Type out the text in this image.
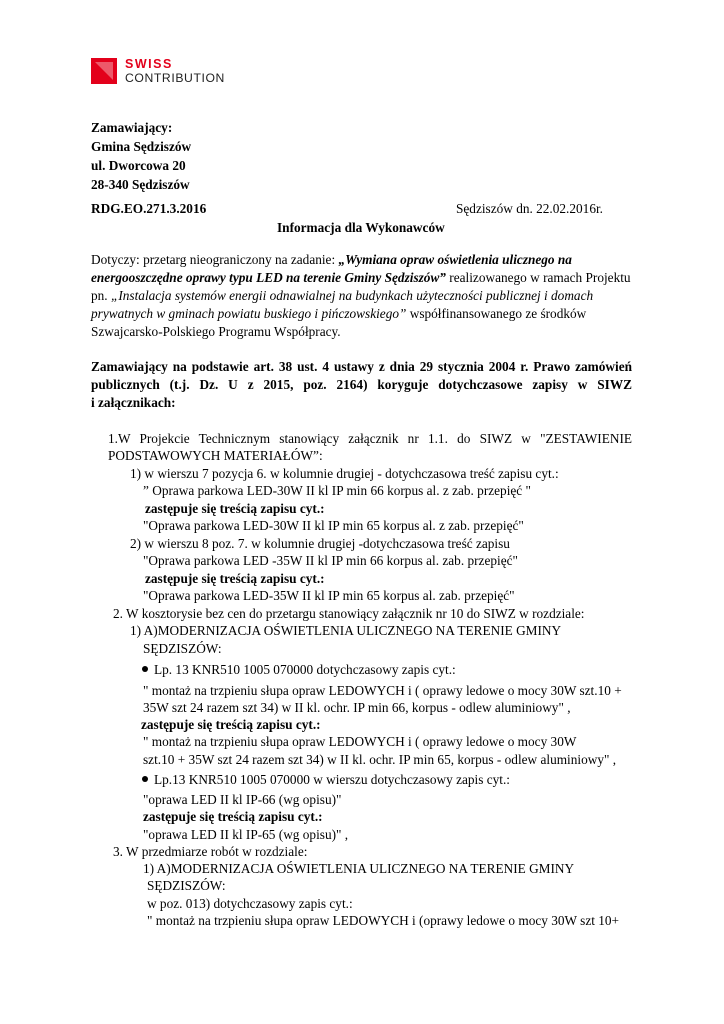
SWISS
CONTRIBUTION
Zamawiający:
Gmina Sędziszów
ul. Dworcowa 20
28-340 Sędziszów
RDG.EO.271.3.2016	Sędziszów dn. 22.02.2016r.
Informacja dla Wykonawców
Dotyczy: przetarg nieograniczony na zadanie: „Wymiana opraw oświetlenia ulicznego na
energooszczędne oprawy typu LED na terenie Gminy Sędziszów” realizowanego w ramach Projektu
pn. „Instalacja systemów energii odnawialnej na budynkach użyteczności publicznej i domach
prywatnych w gminach powiatu buskiego i pińczowskiego” współfinansowanego ze środków
Szwajcarsko-Polskiego Programu Współpracy.
Zamawiający na podstawie art. 38 ust. 4 ustawy z dnia 29 stycznia 2004 r. Prawo zamówień
publicznych (t.j. Dz. U z 2015, poz. 2164) koryguje dotychczasowe zapisy w SIWZ
i załącznikach:
1.W Projekcie Technicznym stanowiący załącznik nr 1.1. do SIWZ w "ZESTAWIENIE
PODSTAWOWYCH MATERIAŁÓW”:
1) w wierszu 7 pozycja 6. w kolumnie drugiej - dotychczasowa treść zapisu cyt.:
” Oprawa parkowa LED-30W II kl IP min 66 korpus al. z zab. przepięć "
zastępuje się treścią zapisu cyt.:
"Oprawa parkowa LED-30W II kl IP min 65 korpus al. z zab. przepięć"
2) w wierszu 8 poz. 7. w kolumnie drugiej -dotychczasowa treść zapisu
"Oprawa parkowa LED -35W II kl IP min 66 korpus al. zab. przepięć"
zastępuje się treścią zapisu cyt.:
"Oprawa parkowa LED-35W II kl IP min 65 korpus al. zab. przepięć"
2. W kosztorysie bez cen do przetargu stanowiący załącznik nr 10 do SIWZ w rozdziale:
1) A)MODERNIZACJA OŚWIETLENIA ULICZNEGO NA TERENIE GMINY
SĘDZISZÓW:
Lp. 13 KNR510 1005 070000 dotychczasowy zapis cyt.:
" montaż na trzpieniu słupa opraw LEDOWYCH i ( oprawy ledowe o mocy 30W szt.10 +
35W szt 24 razem szt 34) w II kl. ochr. IP min 66, korpus - odlew aluminiowy" ,
zastępuje się treścią zapisu cyt.:
" montaż na trzpieniu słupa opraw LEDOWYCH i ( oprawy ledowe o mocy 30W
szt.10 + 35W szt 24 razem szt 34) w II kl. ochr. IP min 65, korpus - odlew aluminiowy" ,
Lp.13 KNR510 1005 070000 w wierszu dotychczasowy zapis cyt.:
"oprawa LED II kl IP-66 (wg opisu)"
zastępuje się treścią zapisu cyt.:
"oprawa LED II kl IP-65 (wg opisu)" ,
3. W przedmiarze robót w rozdziale:
1) A)MODERNIZACJA OŚWIETLENIA ULICZNEGO NA TERENIE GMINY
SĘDZISZÓW:
w poz. 013) dotychczasowy zapis cyt.:
" montaż na trzpieniu słupa opraw LEDOWYCH i (oprawy ledowe o mocy 30W szt 10+
